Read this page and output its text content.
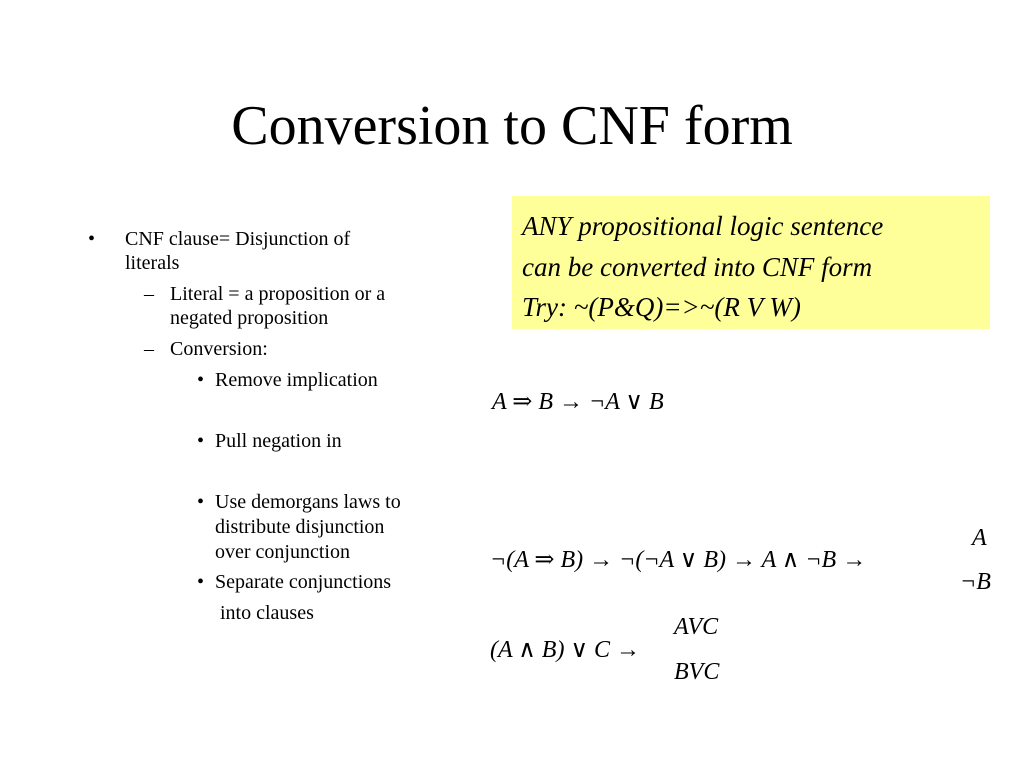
Conversion to CNF form
ANY propositional logic sentence
can be converted into CNF form
Try: ~(P&Q)=>~(R V W)
• CNF clause= Disjunction of
literals
– Literal = a proposition or a
negated proposition
– Conversion:
• Remove implication
• Pull negation in
• Use demorgans laws to
distribute disjunction
over conjunction
• Separate conjunctions
into clauses
A ⇒ B → ¬A ∨ B
¬(A ⇒ B) → ¬(¬A ∨ B) → A ∧ ¬B →
A
¬B
(A ∧ B) ∨ C →
AVC
BVC
